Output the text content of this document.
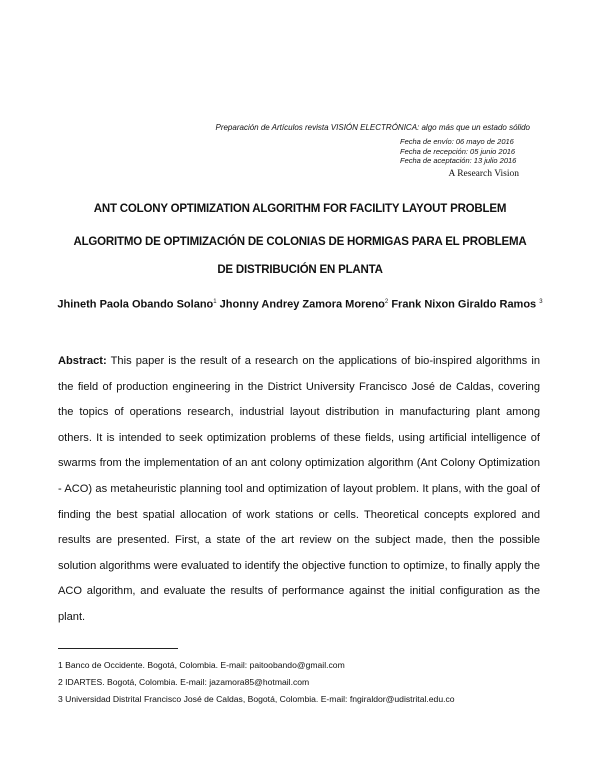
Preparación de Artículos revista VISIÓN ELECTRÓNICA: algo más que un estado sólido
Fecha de envío: 06 mayo de 2016
Fecha de recepción: 05 junio 2016
Fecha de aceptación: 13 julio 2016
A Research Vision
ANT COLONY OPTIMIZATION ALGORITHM FOR FACILITY LAYOUT PROBLEM
ALGORITMO DE OPTIMIZACIÓN DE COLONIAS DE HORMIGAS PARA EL PROBLEMA
DE DISTRIBUCIÓN EN PLANTA
Jhineth Paola Obando Solano$^1$ Jhonny Andrey Zamora Moreno$^2$ Frank Nixon Giraldo Ramos $^3$

Abstract: This paper is the result of a research on the applications of bio-inspired algorithms in the field of production engineering in the District University Francisco José de Caldas, covering the topics of operations research, industrial layout distribution in manufacturing plant among others. It is intended to seek optimization problems of these fields, using artificial intelligence of swarms from the implementation of an ant colony optimization algorithm (Ant Colony Optimization - ACO) as metaheuristic planning tool and optimization of layout problem. It plans, with the goal of finding the best spatial allocation of work stations or cells. Theoretical concepts explored and results are presented. First, a state of the art review on the subject made, then the possible solution algorithms were evaluated to identify the objective function to optimize, to finally apply the ACO algorithm, and evaluate the results of performance against the initial configuration as the plant.

1 Banco de Occidente. Bogotá, Colombia. E-mail: paitoobando@gmail.com
2 IDARTES. Bogotá, Colombia. E-mail: jazamora85@hotmail.com
3 Universidad Distrital Francisco José de Caldas, Bogotá, Colombia. E-mail: fngiraldor@udistrital.edu.co
